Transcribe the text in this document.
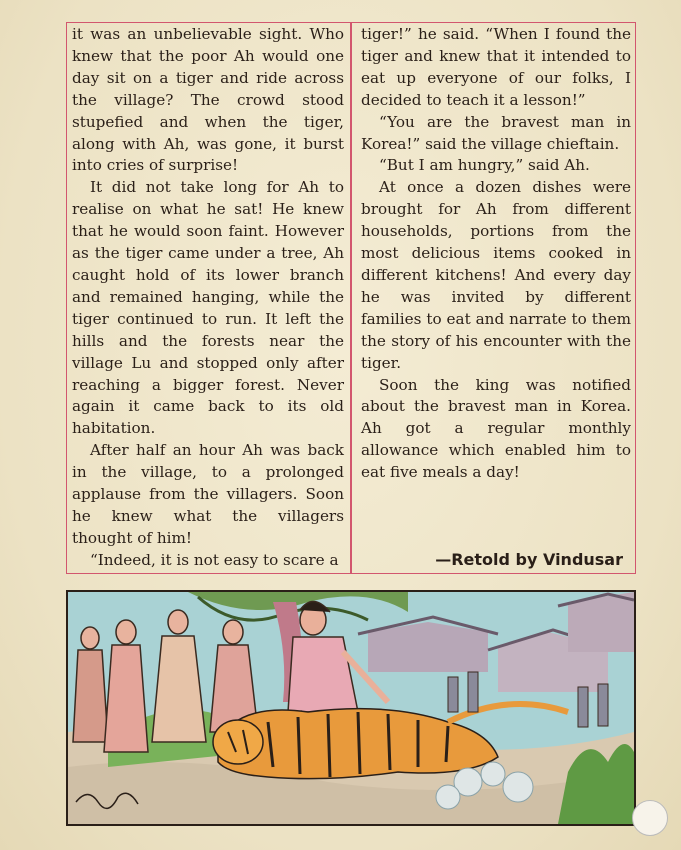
it was an unbelievable sight. Who knew that the poor Ah would one day sit on a tiger and ride across the village? The crowd stood stupefied and when the tiger, along with Ah, was gone, it burst into cries of surprise!

It did not take long for Ah to realise on what he sat! He knew that he would soon faint. However as the tiger came under a tree, Ah caught hold of its lower branch and remained hanging, while the tiger continued to run. It left the hills and the forests near the village Lu and stopped only after reaching a bigger forest. Never again it came back to its old habitation.

After half an hour Ah was back in the village, to a prolonged applause from the villagers. Soon he knew what the villagers thought of him!

“Indeed, it is not easy to scare a

tiger!” he said. “When I found the tiger and knew that it intended to eat up everyone of our folks, I decided to teach it a lesson!”

“You are the bravest man in Korea!” said the village chieftain.

“But I am hungry,” said Ah.

At once a dozen dishes were brought for Ah from different households, portions from the most delicious items cooked in different kitchens! And every day he was invited by different families to eat and narrate to them the story of his encounter with the tiger.

Soon the king was notified about the bravest man in Korea. Ah got a regular monthly allowance which enabled him to eat five meals a day!

—Retold by Vindusar
